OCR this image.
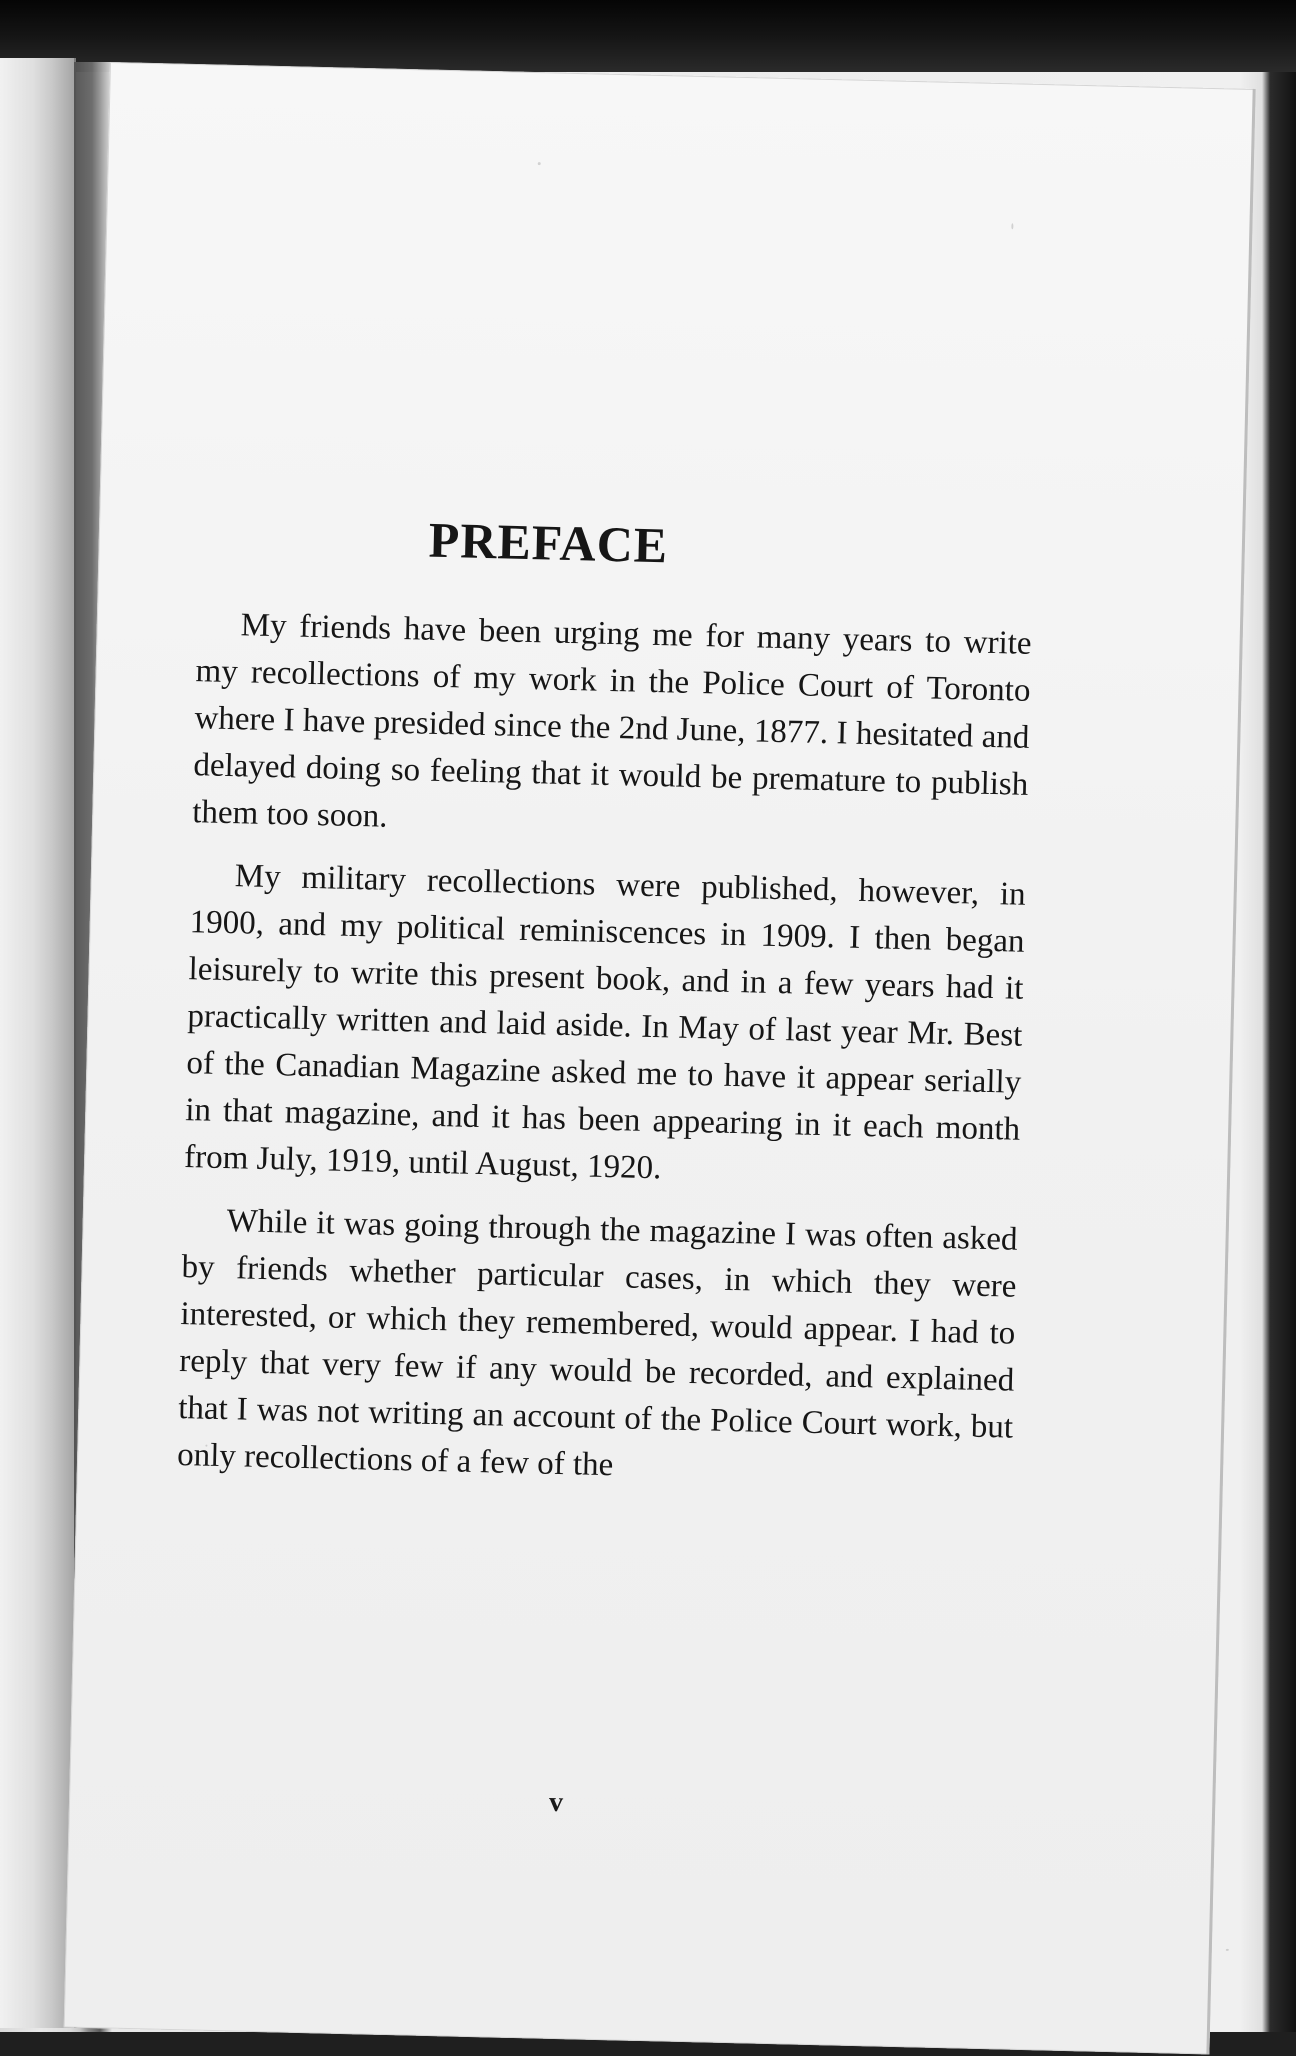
PREFACE

My friends have been urging me for many years to write my recollections of my work in the Police Court of Toronto where I have presided since the 2nd June, 1877. I hesitated and delayed doing so feeling that it would be premature to publish them too soon.

My military recollections were published, however, in 1900, and my political reminiscences in 1909. I then began leisurely to write this present book, and in a few years had it practically written and laid aside. In May of last year Mr. Best of the Canadian Magazine asked me to have it appear serially in that magazine, and it has been appearing in it each month from July, 1919, until August, 1920.

While it was going through the magazine I was often asked by friends whether particular cases, in which they were interested, or which they remembered, would appear. I had to reply that very few if any would be recorded, and explained that I was not writing an account of the Police Court work, but only recollections of a few of the

v
